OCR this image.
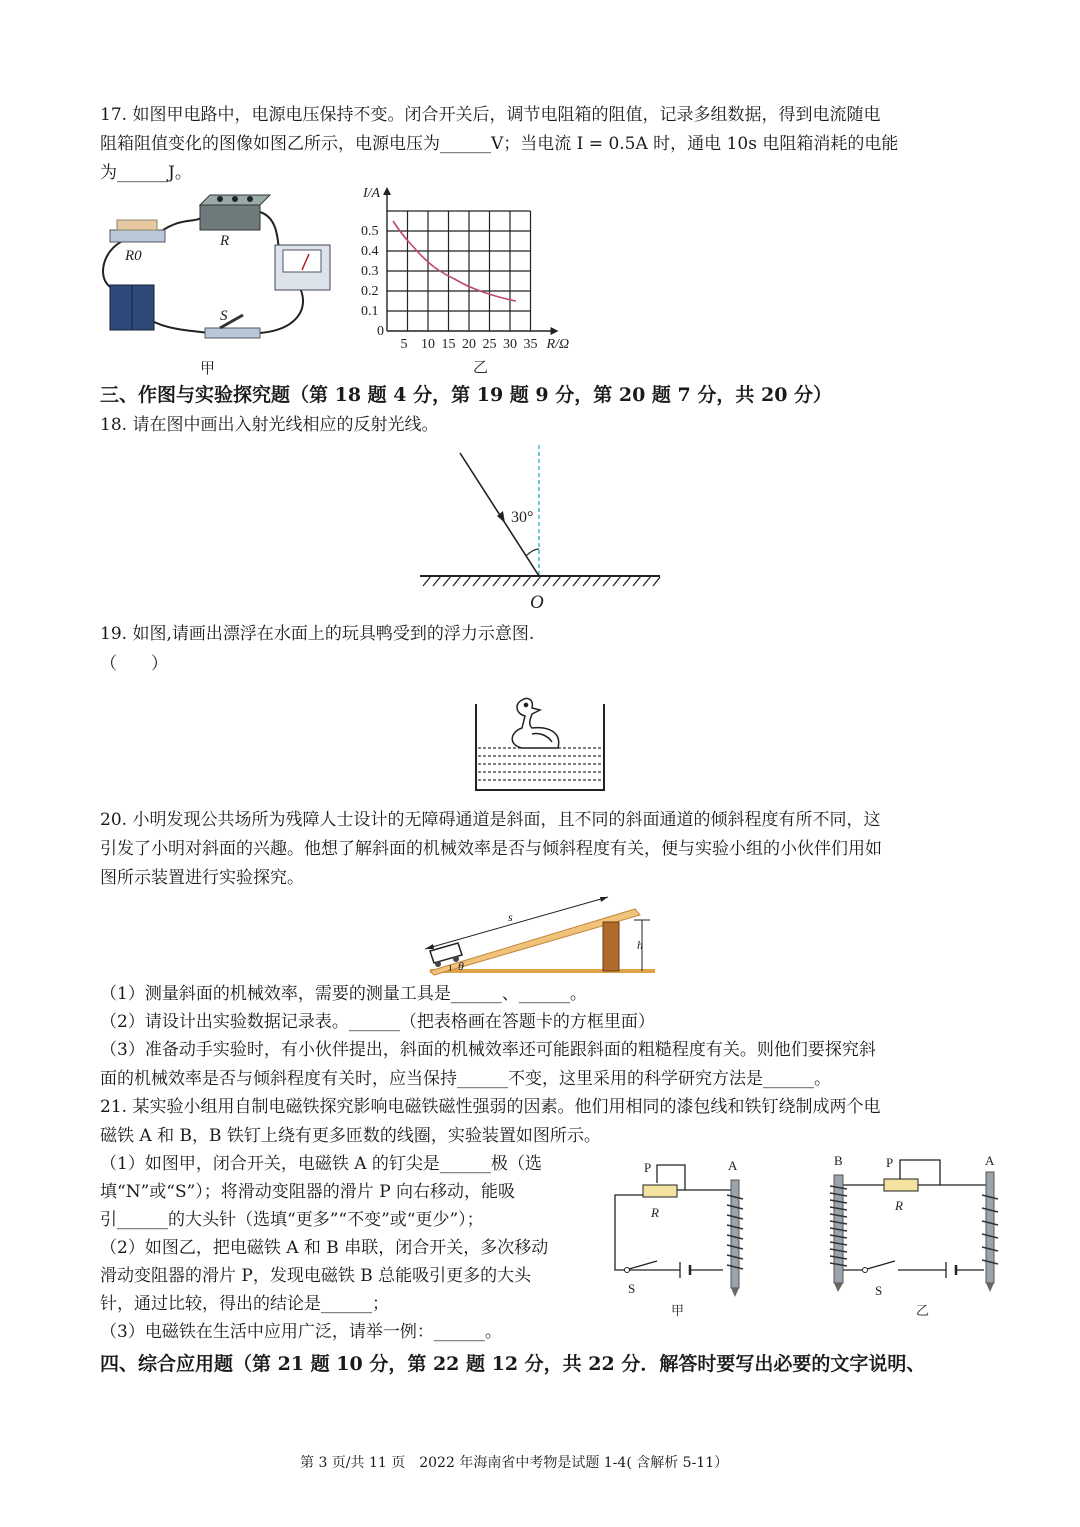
17. 如图甲电路中，电源电压保持不变。闭合开关后，调节电阻箱的阻值，记录多组数据，得到电流随电
阻箱阻值变化的图像如图乙所示，电源电压为______V；当电流 I = 0.5A 时，通电 10s 电阻箱消耗的电能
为______J。
R0
R
S
甲	乙
5 10 15 20 25 30 35
0
0.1
0.2
0.3
0.4
0.5
R/Ω
I/A
三、作图与实验探究题（第 18 题 4 分，第 19 题 9 分，第 20 题 7 分，共 20 分）
18. 请在图中画出入射光线相应的反射光线。
30°
O
19. 如图,请画出漂浮在水面上的玩具鸭受到的浮力示意图.
（　　）
20. 小明发现公共场所为残障人士设计的无障碍通道是斜面，且不同的斜面通道的倾斜程度有所不同，这
引发了小明对斜面的兴趣。他想了解斜面的机械效率是否与倾斜程度有关，便与实验小组的小伙伴们用如
图所示装置进行实验探究。
s
h
θ
（1）测量斜面的机械效率，需要的测量工具是______、______。
（2）请设计出实验数据记录表。______（把表格画在答题卡的方框里面）
（3）准备动手实验时，有小伙伴提出，斜面的机械效率还可能跟斜面的粗糙程度有关。则他们要探究斜
面的机械效率是否与倾斜程度有关时，应当保持______不变，这里采用的科学研究方法是______。
21. 某实验小组用自制电磁铁探究影响电磁铁磁性强弱的因素。他们用相同的漆包线和铁钉绕制成两个电
磁铁 A 和 B，B 铁钉上绕有更多匝数的线圈，实验装置如图所示。
（1）如图甲，闭合开关，电磁铁 A 的钉尖是______极（选
填“N”或“S”）；将滑动变阻器的滑片 P 向右移动，能吸
引______的大头针（选填“更多”“不变”或“更少”）；
（2）如图乙，把电磁铁 A 和 B 串联，闭合开关，多次移动
滑动变阻器的滑片 P，发现电磁铁 B 总能吸引更多的大头
针，通过比较，得出的结论是______；
（3）电磁铁在生活中应用广泛，请举一例：______。
P
R
S
A
甲
P
R
B
S
A
乙
四、综合应用题（第 21 题 10 分，第 22 题 12 分，共 22 分．解答时要写出必要的文字说明、
第 3 页/共 11 页　2022 年海南省中考物是试题 1-4( 含解析 5-11）
